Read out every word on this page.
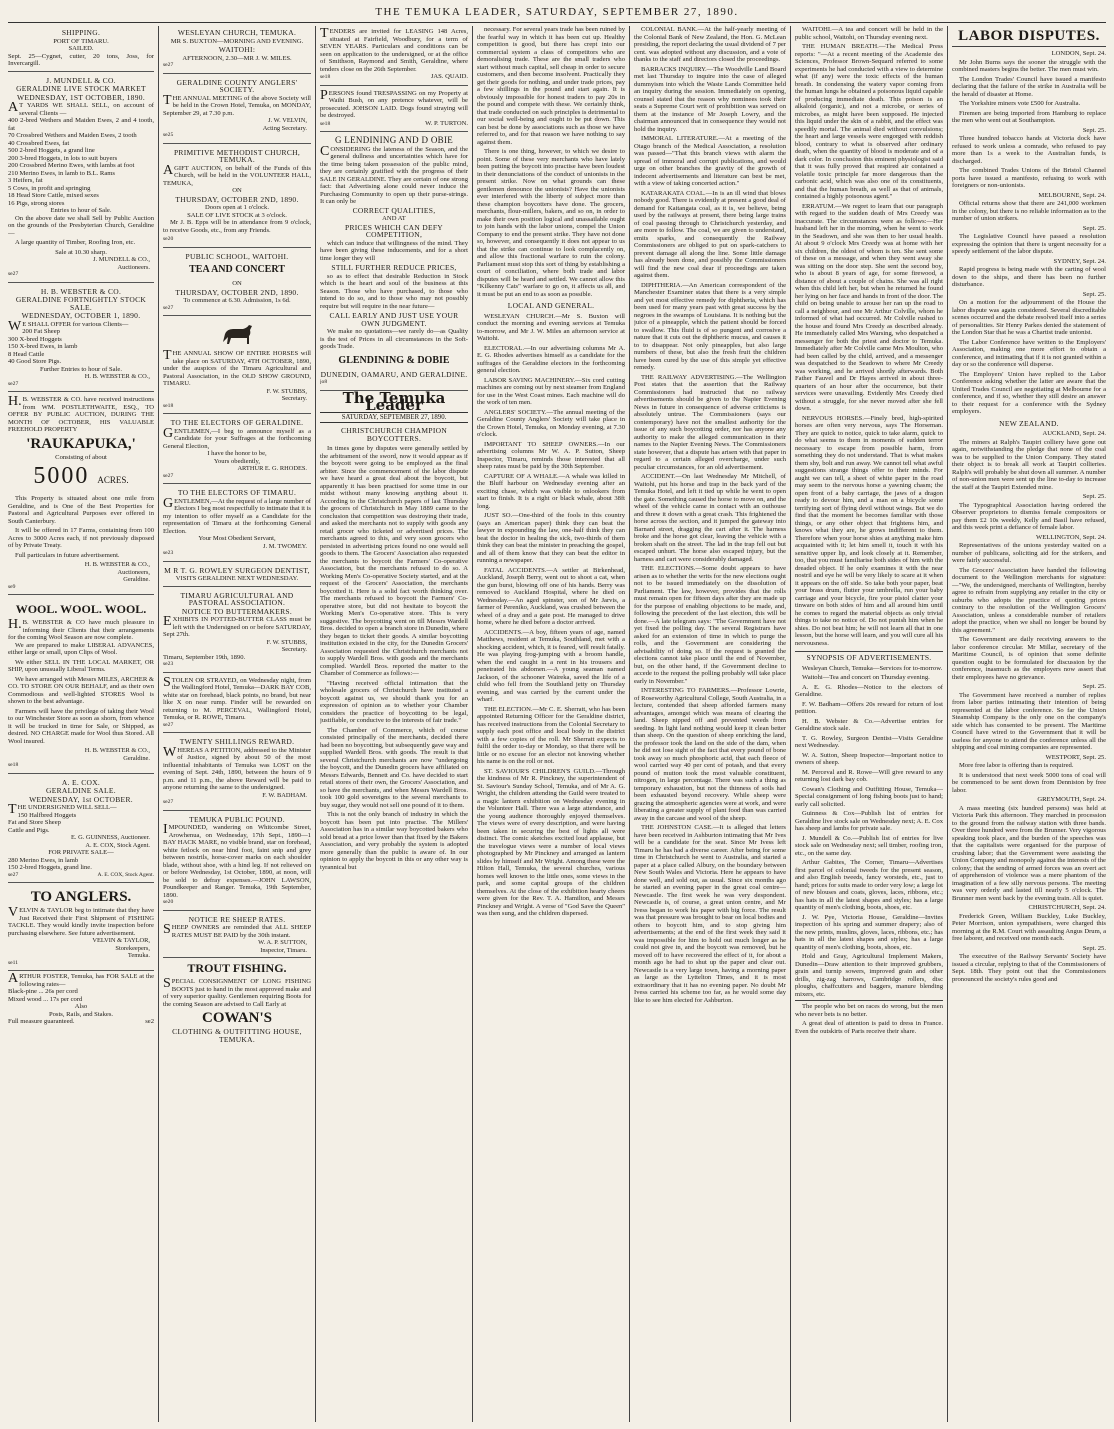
THE TEMUKA LEADER, SATURDAY, SEPTEMBER 27, 1890.
SHIPPING.
PORT OF TIMARU.
SAILED.
Sept. 25—Cygnet, cutter, 20 tons, Joss, for Invercargill.
J. MUNDELL & CO.
GERALDINE LIVE STOCK MARKET
WEDNESDAY, 1ST OCTOBER, 1890.
AT YARDS WE SHALL SELL, on account of several Clients —
400 2-bred Wethers and Maiden Ewes, 2 and 4 tooth, fat
70 Crossbred Wethers and Maiden Ewes, 2 tooth
40 Crossbred Ewes, fat
500 2-bred Hoggets, a grand line
200 3-bred Hoggets, in lots to suit buyers
200 Crossbred Merino Ewes, with lambs at foot
210 Merino Ewes, in lamb to B.L. Rams
3 Heifers, fat
5 Cows, in profit and springing
18 Head Store Cattle, mixed sexes
16 Pigs, strong stores
Entries to hour of Sale.

On the above date we shall Sell by Public Auction on the grounds of the Presbyterian Church, Geraldine—

A large quantity of Timber, Roofing Iron, etc.

Sale at 10.30 sharp.
J. MUNDELL & CO.,
Auctioneers.
se27
H. B. WEBSTER & CO.
GERALDINE FORTNIGHTLY STOCK SALE.
WEDNESDAY, OCTOBER 1, 1890.
WE SHALL OFFER for various Clients—
200 Fat Sheep
300 X-bred Hoggets
150 X-bred Ewes, in lamb
8 Head Cattle
40 Good Store Pigs.
Further Entries to hour of Sale.
H. B. WEBSTER & CO.,
se27
H.B. WEBSTER & CO. have received instructions from WM. POSTLETHWAITE, ESQ., TO OFFER BY PUBLIC AUCTION, DURING THE MONTH OF OCTOBER, HIS VALUABLE FREEHOLD PROPERTY
'RAUKAPUKA,'
Consisting of about
5000 ACRES.

This Property is situated about one mile from Geraldine, and is One of the Best Properties for Pastoral and Agricultural Purposes ever offered in South Canterbury.

It will be offered in 17 Farms, containing from 100 Acres to 3000 Acres each, if not previously disposed of by Private Treaty.

Full particulars in future advertisement.

H. B. WEBSTER & CO.,
Auctioneers,
Geraldine.
se9
WOOL. WOOL. WOOL.
H.B. WEBSTER & CO have much pleasure in informing their Clients that their arrangements for the coming Wool Season are now complete.

We are prepared to make LIBERAL ADVANCES, either large or small, upon Clips of Wool.

We either SELL IN THE LOCAL MARKET, OR SHIP, upon unusually Liberal Terms.

We have arranged with Messrs MILES, ARCHER & CO. TO STORE ON OUR BEHALF, and as their own Commodious and well-lighted STORES Wool is shown to the best advantage.

Farmers will have the privilege of taking their Wool to our Winchester Store as soon as shorn, from whence it will be trucked in time for Sale, or Shipped, as desired. NO CHARGE made for Wool thus Stored. All Wool insured.

H. B. WEBSTER & CO.,
Geraldine.
se18
A. E. COX.
GERALDINE SALE.
WEDNESDAY, 1st OCTOBER.
THE UNDERSIGNED WILL SELL—
150 Halfbred Hoggets
Fat and Store Sheep
Cattle and Pigs.
E. G. GUINNESS, Auctioneer.
A. E. COX, Stock Agent.
FOR PRIVATE SALE—
280 Merino Ewes, in lamb
150 2-bred Hoggets, grand line.
se27	A. E. COX, Stock Agent.
TO ANGLERS.
VELVIN & TAYLOR beg to intimate that they have Just Received their First Shipment of FISHING TACKLE. They would kindly invite inspection before purchasing elsewhere. See future advertisement.
VELVIN & TAYLOR,
Storekeepers,
Temuka.
se11
ARTHUR FOSTER, Temuka, has FOR SALE at the following rates—
Black-pine ... 26s per cord
Mixed wood ... 17s per cord
Also
Posts, Rails, and Stakes.
Full measure guaranteed.	se2
WESLEYAN CHURCH, TEMUKA.
MR S. BUXTON—MORNING AND EVENING.
WAITOHI:
AFTERNOON, 2.30—MR J. W. MILES.
se27
GERALDINE COUNTY ANGLERS' SOCIETY.
THE ANNUAL MEETING of the above Society will be held in the Crown Hotel, Temuka, on MONDAY, September 29, at 7.30 p.m.
J. W. VELVIN,
Acting Secretary.
se25
PRIMITIVE METHODIST CHURCH, TEMUKA.
AGIFT AUCTION, on behalf of the Funds of this Church, will be held in the VOLUNTEER HALL, TEMUKA,
ON
THURSDAY, OCTOBER 2ND, 1890.
Doors open at 1 o'clock.
SALE OF LIVE STOCK at 3 o'clock.

Mr J. B. Epps will be in attendance from 9 o'clock, to receive Goods, etc., from any Friends.

se20
PUBLIC SCHOOL, WAITOHI.
TEA AND CONCERT
ON
THURSDAY, OCTOBER 2ND, 1890.
To commence at 6.30. Admission, 1s 6d.
se27
THE ANNUAL SHOW OF ENTIRE HORSES will take place on SATURDAY, 4TH OCTOBER, 1890, under the auspices of the Timaru Agricultural and Pastoral Association, in the OLD SHOW GROUND, TIMARU.
F. W. STUBBS,
Secretary.
se18
TO THE ELECTORS OF GERALDINE.
GENTLEMEN,—I beg to announce myself as a Candidate for your Suffrages at the forthcoming General Election,
I have the honor to be,
Yours obediently,
ARTHUR E. G. RHODES.
se27
TO THE ELECTORS OF TIMARU.
GENTLEMEN,—At the request of a large number of Electors I beg most respectfully to intimate that it is my intention to offer myself as a Candidate for the representation of Timaru at the forthcoming General Election.
Your Most Obedient Servant,
J. M. TWOMEY.
se23
M R T. G. ROWLEY SURGEON DENTIST,
VISITS GERALDINE NEXT WEDNESDAY.
TIMARU AGRICULTURAL AND PASTORAL ASSOCIATION.
NOTICE TO BUTTERMAKERS.
EXHIBITS IN POTTED-BUTTER CLASS must be left with the Undersigned on or before SATURDAY, Sept 27th.
F. W. STUBBS,
Secretary.
Timaru, September 19th, 1890.
se23
STOLEN OR STRAYED, on Wednesday night, from the Wallingford Hotel, Temuka—DARK BAY COB, white star on forehead, black points, no brand, but near like X on near rump. Finder will be rewarded on returning to M. PERCEVAL, Wallingford Hotel, Temuka, or R. ROWE, Timaru.
se27
TWENTY SHILLINGS REWARD.
WHEREAS A PETITION, addressed to the Minister of Justice, signed by about 50 of the most influential inhabitants of Temuka was LOST on the evening of Sept. 24th, 1890, between the hours of 9 p.m. and 11 p.m., the above Reward will be paid to anyone returning the same to the undersigned.
F. W. BADHAM.
se27
TEMUKA PUBLIC POUND.
IMPOUNDED, wandering on Whitcombe Street, Arowhenua, on Wednesday, 17th Sept., 1890—1 BAY HACK MARE, no visible brand, star on forehead, white fetlock on near hind foot, faint snip and grey between nostrils, horse-cover marks on each shoulder blade, without shoe, with a hind leg. If not relieved on or before Wednesday, 1st October, 1890, at noon, will be sold to defray expenses.—JOHN LAWSON, Poundkeeper and Ranger. Temuka, 19th September, 1890.
se20
NOTICE RE SHEEP RATES.
SHEEP OWNERS are reminded that ALL SHEEP RATES MUST BE PAID by the 30th instant.
W. A. P. SUTTON,
Inspector, Timaru.
TROUT FISHING.
SPECIAL CONSIGNMENT OF LONG FISHING BOOTS just to hand in the most approved make and of very superior quality. Gentlemen requiring Boots for the coming Season are advised to Call Early at
COWAN'S
CLOTHING & OUTFITTING HOUSE, TEMUKA.
TENDERS are invited for LEASING 148 Acres, situated at Fairfield, Woodbury, for a term of SEVEN YEARS. Particulars and conditions can be seen on application to the undersigned, or at the office of Smithson, Raymond and Smith, Geraldine, where tenders close on the 26th September.
se18	JAS. QUAID.
PERSONS found TRESPASSING on my Property at Waihi Bush, on any pretence whatever, will be prosecuted. JOHSON LAID. Dogs found straying will be destroyed.
se18	W. P. TURTON.
G LENDINING AND D OBIE
CONSIDERING the lateness of the Season, and the general dullness and uncertainties which have for the time being taken possession of the public mind, they are certainly gratified with the progress of their SALE IN GERALDINE. They are certain of one strong fact: that Advertising alone could never induce the Purchasing Community to open up their purse-strings. It can only be
CORRECT QUALITIES,
AND AT
PRICES WHICH CAN DEFY COMPETITION,

which can induce that willingness of the mind. They have been giving these inducements, and for a short time longer they will

STILL FURTHER REDUCE PRICES,

so as to effect that desirable Reduction in Stock which is the heart and soul of the business at this Season. Those who have purchased, to those who intend to do so, and to those who may not possibly require but will require in the near future—

CALL EARLY AND JUST USE YOUR OWN JUDGMENT.

We make no quotations—we rarely do—as Quality is the test of Prices in all circumstances in the Soft-goods Trade.

GLENDINING & DOBIE
DUNEDIN, OAMARU, AND GERALDINE.
jo8
The Temuka Leader
SATURDAY, SEPTEMBER 27, 1890.
CHRISTCHURCH CHAMPION BOYCOTTERS.

In times gone by disputes were generally settled by the arbitrament of the sword, now it would appear as if the boycott were going to be employed as the final arbiter. Since the commencement of the labor dispute we have heard a great deal about the boycott, but apparently it has been practised for some time in our midst without many knowing anything about it. According to the Christchurch papers of last Thursday the grocers of Christchurch in May 1889 came to the conclusion that competition was destroying their trade, and asked the merchants not to supply with goods any retail grocer who ticketed or advertised prices. The merchants agreed to this, and very soon grocers who persisted in advertising prices found no one would sell goods to them. The Grocers' Association also requested the merchants to boycott the Farmers' Co-operative Association, but the merchants refused to do so. A Working Men's Co-operative Society started, and at the request of the Grocers' Association, the merchants boycotted it. Here is a solid fact worth thinking over. The merchants refused to boycott the Farmers' Co-operative store, but did not hesitate to boycott the Working Men's Co-operative store. This is very suggestive. The boycotting went on till Messrs Wardell Bros. decided to open a branch store in Dunedin, where they began to ticket their goods. A similar boycotting institution existed in the city, for the Dunedin Grocers' Association requested the Christchurch merchants not to supply Wardell Bros. with goods and the merchants complied. Wardell Bros. reported the matter to the Chamber of Commerce as follows:—

"Having received official intimation that the wholesale grocers of Christchurch have instituted a boycott against us, we should thank you for an expression of opinion as to whether your Chamber considers the practice of boycotting to be legal, justifiable, or conducive to the interests of fair trade."

The Chamber of Commerce, which of course consisted principally of the merchants, decided there had been no boycotting, but subsequently gave way and supplied Wardell Bros. with goods. The result is that several Christchurch merchants are now "undergoing the boycott, and the Dunedin grocers have affiliated on Messrs Edwards, Bennett and Co. have decided to start retail stores of their own, the Grocers' Association, and so have the merchants, and when Messrs Wardell Bros. took 100 gold sovereigns to the several merchants to buy sugar, they would not sell one pound of it to them.

This is not the only branch of industry in which the boycott has been put into practise. The Millers' Association has in a similar way boycotted bakers who sold bread at a price lower than that fixed by the Bakers Association, and very probably the system is adopted more generally than the public is aware of. In our opinion to apply the boycott in this or any other way is tyrannical but

necessary. For several years trade has been ruined by the fearful way in which it has been cut up. Healthy competition is good, but there has crept into our commercial system a class of competitors who are demoralising trade. These are the small traders who start without much capital, sell cheap in order to secure customers, and then become insolvent. Practically they get their goods for nothing, and under trade prices, pay a few shillings in the pound and start again. It is obviously impossible for honest traders to pay 20s in the pound and compete with these. We certainly think, that trade conducted on such principles is detrimental to our social well-being and ought to be put down. This can best be done by associations such as those we have referred to, and for that reason we have nothing to say against them.

There is one thing, however, to which we desire to point. Some of these very merchants who have lately been putting the boycott into practise have been loudest in their denunciations of the conduct of unionists in the present strike. Now on what grounds can these gentlemen denounce the unionists? Have the unionists ever interfered with the liberty of subject more than these champion boycotters have done. The grocers, merchants, flour-millers, bakers, and so on, in order to make their own position logical and unassailable ought to join hands with the labor unions, compel the Union Company to end the present strike. They have not done so, however, and consequently it does not appear to us that the strike can continue to look complacently on, and allow this fractional warfare to ruin the colony. Parliament must stop this sort of thing by establishing a court of conciliation, where both trade and labor disputes will be heard and settled. We cannot allow this "Kilkenny Cats" warfare to go on, it affects us all, and it must be put an end to as soon as possible.

LOCAL AND GENERAL.

WESLEYAN CHURCH.—Mr S. Buxton will conduct the morning and evening services at Temuka to-morrow, and Mr J. W. Miles an afternoon service at Waitohi.

ELECTORAL.—In our advertising columns Mr A. E. G. Rhodes advertises himself as a candidate for the suffrages of the Geraldine electors in the forthcoming general election.

LABOR SAVING MACHINERY.—Six cord cutting machines are coming out by next steamer from England for use in the West Coast mines. Each machine will do the work of ten men.

ANGLERS' SOCIETY.—The annual meeting of the Geraldine County Anglers' Society will take place in the Crown Hotel, Temuka, on Monday evening, at 7.30 o'clock.

IMPORTANT TO SHEEP OWNERS.—In our advertising columns Mr W. A. P. Sutton, Sheep Inspector, Timaru, reminds those interested that all sheep rates must be paid by the 30th September.

CAPTURE OF A WHALE.—A whale was killed in the Bluff harbour on Wednesday evening after an exciting chase, which was visible to onlookers from start to finish. It is a right or black whale, about 38ft long.

JUST SO.—One-third of the fools in this country (says an American paper) think they can beat the lawyer in expounding the law, one-half think they can beat the doctor in healing the sick, two-thirds of them think they can beat the minister in preaching the gospel, and all of them know that they can beat the editor in running a newspaper.

FATAL ACCIDENTS.—A settler at Birkenhead, Auckland, Joseph Berry, went out to shoot a cat, when the gun burst, blowing off one of his hands. Berry was removed to Auckland Hospital, where he died on Wednesday.—An aged spinster, son of Mr Jarvis, a farmer of Pereniko, Auckland, was crushed between the wheel of a dray and a gate post. He managed to drive home, where he died before a doctor arrived.

ACCIDENTS.—A boy, fifteen years of age, named Matthews, resident at Temuka, Southland, met with a shocking accident, which, it is feared, will result fatally. He was playing frog-jumping with a broom handle, when the end caught in a rent in his trousers and penetrated his abdomen.—A young seaman named Jackson, of the schooner Waireka, saved the life of a child who fell from the Southland jetty on Thursday evening, and was carried by the current under the wharf.

THE ELECTION.—Mr C. E. Sherratt, who has been appointed Returning Officer for the Geraldine district, has received instructions from the Colonial Secretary to supply each post office and local body in the district with a few copies of the roll. Mr Sherratt expects to fulfil the order to-day or Monday, so that there will be little or no excuse for an elector not knowing whether his name is on the roll or not.

ST. SAVIOUR'S CHILDREN'S GUILD.—Through the kindness of Mr R. Pinckney, the superintendent of St. Saviour's Sunday School, Temuka, and of Mr A. G. Wright, the children attending the Guild were treated to a magic lantern exhibition on Wednesday evening in the Volunteer Hall. There was a large attendance, and the young audience thoroughly enjoyed themselves. The views were of every description, and were having been taken in securing the best of lights all were distinct. The comic sketches excited loud applause, but the travelogue views were a number of local views photographed by Mr Pinckney and arranged as lantern slides by himself and Mr Wright. Among these were the Hilton Hall, Temuka, the several churches, various homes well known to the little ones, some views in the park, and some capital groups of the children themselves. At the close of the exhibition hearty cheers were given for the Rev. T. A. Hamilton, and Messrs Pinckney and Wright. A verse of "God Save the Queen" was then sung, and the children dispersed.

COLONIAL BANK.—At the half-yearly meeting of the Colonial Bank of New Zealand, the Hon. G. McLean presiding, the report declaring the usual dividend of 7 per cent. was adopted without any discussion, and a vote of thanks to the staff and directors closed the proceedings.

BARRACKS INQUIRY.—The Woodville Land Board met last Thursday to inquire into the case of alleged dummyism into which the Waste Lands Committee held an inquiry during the session. Immediately on opening, counsel stated that the reason why nominees took their seats a Supreme Court writ of prohibition was served on them at the instance of Mr Joseph Lowry, and the chairman announced that in consequence they would not hold the inquiry.

IMMORAL LITERATURE.—At a meeting of the Otago branch of the Medical Association, a resolution was passed—"That this branch views with alarm the spread of immoral and corrupt publications, and would urge on other branches the gravity of the growth of indecent advertisements and literature can best be met, with a view of taking concerted action."

KATARAKATA COAL.—In is an ill wind that blows nobody good. There is evidently at present a good deal of demand for Kaitangata coal, as it is, we believe, being used by the railways at present, there being large trains of coal passing through to Christchurch yesterday, and are more to follow. The coal, we are given to understand, emits sparks, and consequently the Railway Commissioners are obliged to put on spark-catchers to prevent damage all along the line. Some little damage has already been done, and possibly the Commissioners will find the new coal dear if proceedings are taken against them.

DIPHTHERIA.—An American correspondent of the Manchester Examiner states that there is a very simple and yet most effective remedy for diphtheria, which has been used for many years past with great success by the negroes in the swamps of Louisiana. It is nothing but the juice of a pineapple, which the patient should be forced to swallow. This fluid is of so pungent and corrosive a nature that it cuts out the diphtheric mucus, and causes it to to disappear. Not only pineapples, but also large numbers of these, but also the fresh fruit the children have been cured by the use of this simple yet effective remedy.

THE RAILWAY ADVERTISING.—The Wellington Post states that the assertion that the Railway Commissioners had instructed that no railway advertisements should be given to the Napier Evening News in future in consequence of adverse criticisms is absolutely untrue. The Commissioners (says our contemporary) have not the smallest authority for the issue of any such boycotting order, nor has anyone any authority to make the alleged communication in their names to the Napier Evening News. The Commissioners state however, that a dispute has arisen with that paper in regard to a certain alleged overcharge, under such peculiar circumstances, for an old advertisement.

ACCIDENT.—On last Wednesday Mr Mitchell, of Waitohi, put his horse and trap in the back yard of the Temuka Hotel, and left it tied up while he went to open the gate. Something caused the horse to move on, and the wheel of the vehicle came in contact with an outhouse and threw it down with a great crash. This frightened the horse across the section, and it jumped the gateway into Barnard street, dragging the cart after it. The harness broke and the horse got clear, leaving the vehicle with a broken shaft on the street. The lad in the trap fell out but escaped unhurt. The horse also escaped injury, but the harness and cart were considerably damaged.

THE ELECTIONS.—Some doubt appears to have arisen as to whether the writs for the new elections ought not to be issued immediately on the dissolution of Parliament. The law, however, provides that the rolls must remain open for fifteen days after they are made up for the purpose of enabling objections to be made, and, following the precedent of the last election, this will be done.—A late telegram says: "The Government have not yet fixed the polling day. The several Registrars have asked for an extension of time in which to purge the rolls, and the Government are considering the advisability of doing so. If the request is granted the elections cannot take place until the end of November, but, on the other hand, if the Government decline to accede to the request the polling probably will take place early in November."

INTERESTING TO FARMERS.—Professor Lowrie, of Roseworthy Agricultural College, South Australia, in a lecture, contended that sheep afforded farmers many advantages, amongst which was means of clearing the land. Sheep nipped off and prevented weeds from seeding. In light land nothing would keep it clean better than sheep. On the question of sheep enriching the land, the professor took the land on the side of the dam, when he did not lose sight of the fact that every pound of bone took away so much phosphoric acid, that each fleece of wool carried way 40 per cent of potash, and that every pound of mutton took the most valuable constituent, nitrogen, in large percentage. There was such a thing as temporary exhaustion, but not the thinness of soils had been exhausted beyond recovery. While sheep were grazing the atmospheric agencies were at work, and were liberating a greater supply of plant food than was carried away in the carcase and wool of the sheep.

THE JOHNSTON CASE.—It is alleged that letters have been received in Ashburton intimating that Mr Ives will be a candidate for the seat. Since Mr Ivess left Timaru he has had a diverse career. After being for some time in Christchurch he went to Australia, and started a paper at a place called Albury, on the boundary between New South Wales and Victoria. Here he appears to have done well, and sold out, as usual. Since six months ago he started an evening paper in the great coal centre—Newcastle. The first week he was very despondent. Newcastle is, of course, a great union centre, and Mr Ivess began to work his paper with big force. The result was that pressure was brought to bear on local bodies and others to boycott him, and to stop giving him advertisements; at the end of the first week they said it was impossible for him to hold out much longer as he could not give in, and the boycott was removed, but he moved off to have recovered the effect of it, for about a month ago he had to shut up the paper and clear out. Newcastle is a very large town, having a morning paper as large as the Lyttelton Times, and it is most extraordinary that it has no evening paper. No doubt Mr Ivess carried his scheme too far, as he would some day like to see him elected for Ashburton.

WAITOHI.—A tea and concert will be held in the public school, Waitohi, on Thursday evening next.

THE HUMAN BREATH.—The Medical Press reports: "—At a recent meeting of the Academie des Sciences, Professor Brown-Sequard referred to some experiments he had conducted with a view to determine what (if any) were the toxic effects of the human breath. In condensing the watery vapor coming from the human lungs he obtained a poisonous liquid capable of producing immediate death. This poison is an alkaloid (organic), and not a microbe, or series of microbes, as might have been supposed. He injected this liquid under the skin of a rabbit, and the effect was speedily mortal. The animal died without convulsions; the heart and large vessels were engorged with reddish blood, contrary to what is observed after ordinary death, when the quantity of blood is moderate and of a dark color. In conclusion this eminent physiologist said that it was fully proved that respired air contained a volatile toxic principle far more dangerous than the carbonic acid, which was also one of its constituents, and that the human breath, as well as that of animals, contained a highly poisonous agent."

ERRATUM.—We regret to learn that our paragraph with regard to the sudden death of Mrs Creedy was inaccurate. The circumstances were as follows:—Her husband left her in the morning, when he went to work in the Seadown, and she was then to her usual health. At about 9 o'clock Mrs Creedy was at home with her six children, the oldest of whom is ten. She sent some of these on a message, and when they went away she was sitting on the door step. She sent the second boy, who is about 8 years of age, for some firewood, a distance of about a couple of chains. She was all right when this child left her, but when he returned he found her lying on her face and hands in front of the door. The child on being unable to arouse her ran up the road to call a neighbour, and one Mr Arthur Colville, whom he informed of what had occurred. Mr Colville rushed to the house and found Mrs Creedy as described already. He immediately called Mrs Warsing, who despatched a messenger for both the priest and doctor to Temuka. Immediately after Mr Colville came Mrs Moulton, who had been called by the child, arrived, and a messenger was despatched to the Seadown to where Mr Creedy was working, and he arrived shortly afterwards. Both Father Fauvel and Dr Hayes arrived in about three-quarters of an hour after the occurrence, but their services were unavailing. Evidently Mrs Creedy died without a struggle, for she never moved after she fell down.

NERVOUS HORSES.—Finely bred, high-spirited horses are often very nervous, says The Horseman. They are quick to notice, quick to take alarm, quick to do what seems to them in moments of sudden terror necessary to escape from possible harm, from something they do not understand. That is what makes them shy, bolt and run away. We cannot tell what awful suggestions strange things offer to their minds. For aught we can tell, a sheet of white paper in the road may seem to the nervous horse a yawning chasm; the open front of a baby carriage, the jaws of a dragon ready to devour him, and a man on a bicycle some terrifying sort of flying devil without wings. But we do find that the moment he becomes familiar with those things, or any other object that frightens him, and knows what they are, he grows indifferent to them. Therefore when your horse shies at anything make him acquainted with it; let him smell it, touch it with his sensitive upper lip, and look closely at it. Remember, too, that you must familiarise both sides of him with the dreaded object. If he only examines it with the near nostril and eye he will be very likely to scare at it when it appears on the off side. So take both your paper, beat your brass drum, flutter your umbrella, run your baby carriage and your bicycle, fire your pistol clatter your tinware on both sides of him and all around him until he comes to regard the material objects as only trivial things to take no notice of. Do not punish him when he shies. Do not beat him; he will not learn all that in one lesson, but the horse will learn, and you will cure all his nervousness.

SYNOPSIS OF ADVERTISEMENTS.

Wesleyan Church, Temuka—Services for to-morrow.

Waitohi—Tea and concert on Thursday evening.

A. E. G. Rhodes—Notice to the electors of Geraldine.

F. W. Badham—Offers 20s reward for return of lost petition.

H. B. Webster & Co.—Advertise entries for Geraldine stock sale.

T. G. Rowley, Surgeon Dentist—Visits Geraldine next Wednesday.

W. A. Sutton, Sheep Inspector—Important notice to owners of sheep.

M. Perceval and R. Rowe—Will give reward to any returning lost dark bay cob.

Cowan's Clothing and Outfitting House, Temuka—Special consignment of long fishing boots just to hand; early call solicited.

Guinness & Cox—Publish list of entries for Geraldine live stock sale on Wednesday next; A. E. Cox has sheep and lambs for private sale.

J. Mundell & Co.—Publish list of entries for live stock sale on Wednesday next; sell timber, roofing iron, etc., on the same day.

Arthur Gabites, The Corner, Timaru—Advertises first parcel of colonial tweeds for the present season, and also English tweeds, fancy worsteds, etc., just to hand; prices for suits made to order very low; a large lot of new blouses and coats, gloves, laces, ribbons, etc.; has hats in all the latest shapes and styles; has a large quantity of men's clothing, boots, shoes, etc.

J. W. Pye, Victoria House, Geraldine—Invites inspection of his spring and summer drapery; also of the new prints, muslins, gloves, laces, ribbons, etc.; has hats in all the latest shapes and styles; has a large quantity of men's clothing, boots, shoes, etc.

Hold and Gray, Agricultural Implement Makers, Dunedin—Draw attention to their improved grubbers, grain and turnip sowers, improved grain and other drills, zig-zag harrows, Cambridge rollers, disc ploughs, chaffcutters and baggers, manure blending mixers, etc.

The people who bet on races do wrong, but the men who never bets is no better.

A great deal of attention is paid to dress in France. Even the outskirts of Paris receive their share.

LABOR DISPUTES.
LONDON, Sept. 24.

Mr John Burns says the sooner the struggle with the combined masters begins the better. The men must win.

The London Trades' Council have issued a manifesto declaring that the failure of the strike in Australia will be the herald of disaster at Home.

The Yorkshire miners vote £500 for Australia.

Firemen are being imported from Hamburg to replace the men who went out at Southampton.

Sept. 25.

Three hundred tobacco hands at Victoria dock have refused to work unless a comrade, who refused to pay more than 1s a week to the Australian funds, is discharged.

The combined Trades Unions of the Bristol Channel ports have issued a manifesto, refusing to work with foreigners or non-unionists.

MELBOURNE, Sept. 24.

Official returns show that there are 241,000 workmen in the colony, but there is no reliable information as to the number of union strikers.

Sept. 25.

The Legislative Council have passed a resolution expressing the opinion that there is urgent necessity for a speedy settlement of the labor dispute.

SYDNEY, Sept. 24.

Rapid progress is being made with the carting of wool down to the ships, and there has been no further disturbance.

Sept. 25.

On a motion for the adjournment of the House the labor dispute was again considered. Several discreditable scenes occurred and the debate resolved itself into a series of personalities. Sir Henry Parkes denied the statement of the London Star that he was a Chartist trade unionist.

The Labor Conference have written to the Employers' Association, making one more effort to obtain a conference, and intimating that if it is not granted within a day or so the conference will disperse.

The Employers' Union have replied to the Labor Conference asking whether the latter are aware that the United Trades Council are negotiating at Melbourne for a conference, and if so, whether they still desire an answer to their request for a conference with the Sydney employers.

NEW ZEALAND.
AUCKLAND, Sept. 24.

The miners at Ralph's Taupiri colliery have gone out again, notwithstanding the pledge that none of the coal was to be supplied to the Union Company. They stated their object is to break all work at Taupiri collieries. Ralph's will probably be shut down all summer. A number of non-union men were sent up the line to-day to increase the staff at the Taupiri Extended mine.

Sept. 25.

The Typographical Association having ordered the Observer proprietors to dismiss female compositors or pay them £2 10s weekly, Kelly and Basil have refused, and this week print a defiance of female labor.

WELLINGTON, Sept. 24.

Representatives of the unions yesterday waited on a number of publicans, soliciting aid for the strikers, and were fairly successful.

The Grocers' Association have handed the following document to the Wellington merchants for signature:—"We, the undersigned, merchants of Wellington, hereby agree to refrain from supplying any retailer in the city or suburbs who adopts the practice of quoting prices contrary to the resolution of the Wellington Grocers' Association, unless a considerable number of retailers adopt the practice, when we shall no longer be bound by this agreement."

The Government are daily receiving answers to the labor conference circular. Mr Millar, secretary of the Maritime Council, is of opinion that some definite question ought to be formulated for discussion by the conference, inasmuch as the employers now assert that their employees have no grievance.

Sept. 25.

The Government have received a number of replies from labor parties intimating their intention of being represented at the labor conference. So far the Union Steamship Company is the only one on the company's side which has consented to be present. The Maritime Council have wired to the Government that it will be useless for anyone to attend the conference unless all the shipping and coal mining companies are represented.

WESTPORT, Sept. 25.

More free labor is offering than is required.

It is understood that next week 5000 tons of coal will be commenced to be sent down from Denniston by free labor.

GREYMOUTH, Sept. 24.

A mass meeting (six hundred persons) was held at Victoria Park this afternoon. They marched in procession to the ground from the railway station with three bands. Over three hundred were from the Brunner. Very vigorous speaking took place, and the burden of the speeches was that the capitalists were organised for the purpose of crushing labor; that the Government were assisting the Union Company and monopoly against the interests of the colony; that the sending of armed forces was an overt act of apprehension of violence was a mere phantom of the imagination of a few silly nervous persons. The meeting was very orderly and lasted till nearly 5 o'clock. The Brunner men went back by the evening train. All is quiet.

CHRISTCHURCH, Sept. 24.

Frederick Green, William Buckley, Luke Buckley, Peter Morrison, union sympathisers, were charged this morning at the R.M. Court with assaulting Angus Drum, a free laborer, and received one month each.

Sept. 25.

The executive of the Railway Servants' Society have issued a circular, replying to that of the Commissioners of Sept. 18th. They point out that the Commissioners pronounced the society's rules good and
